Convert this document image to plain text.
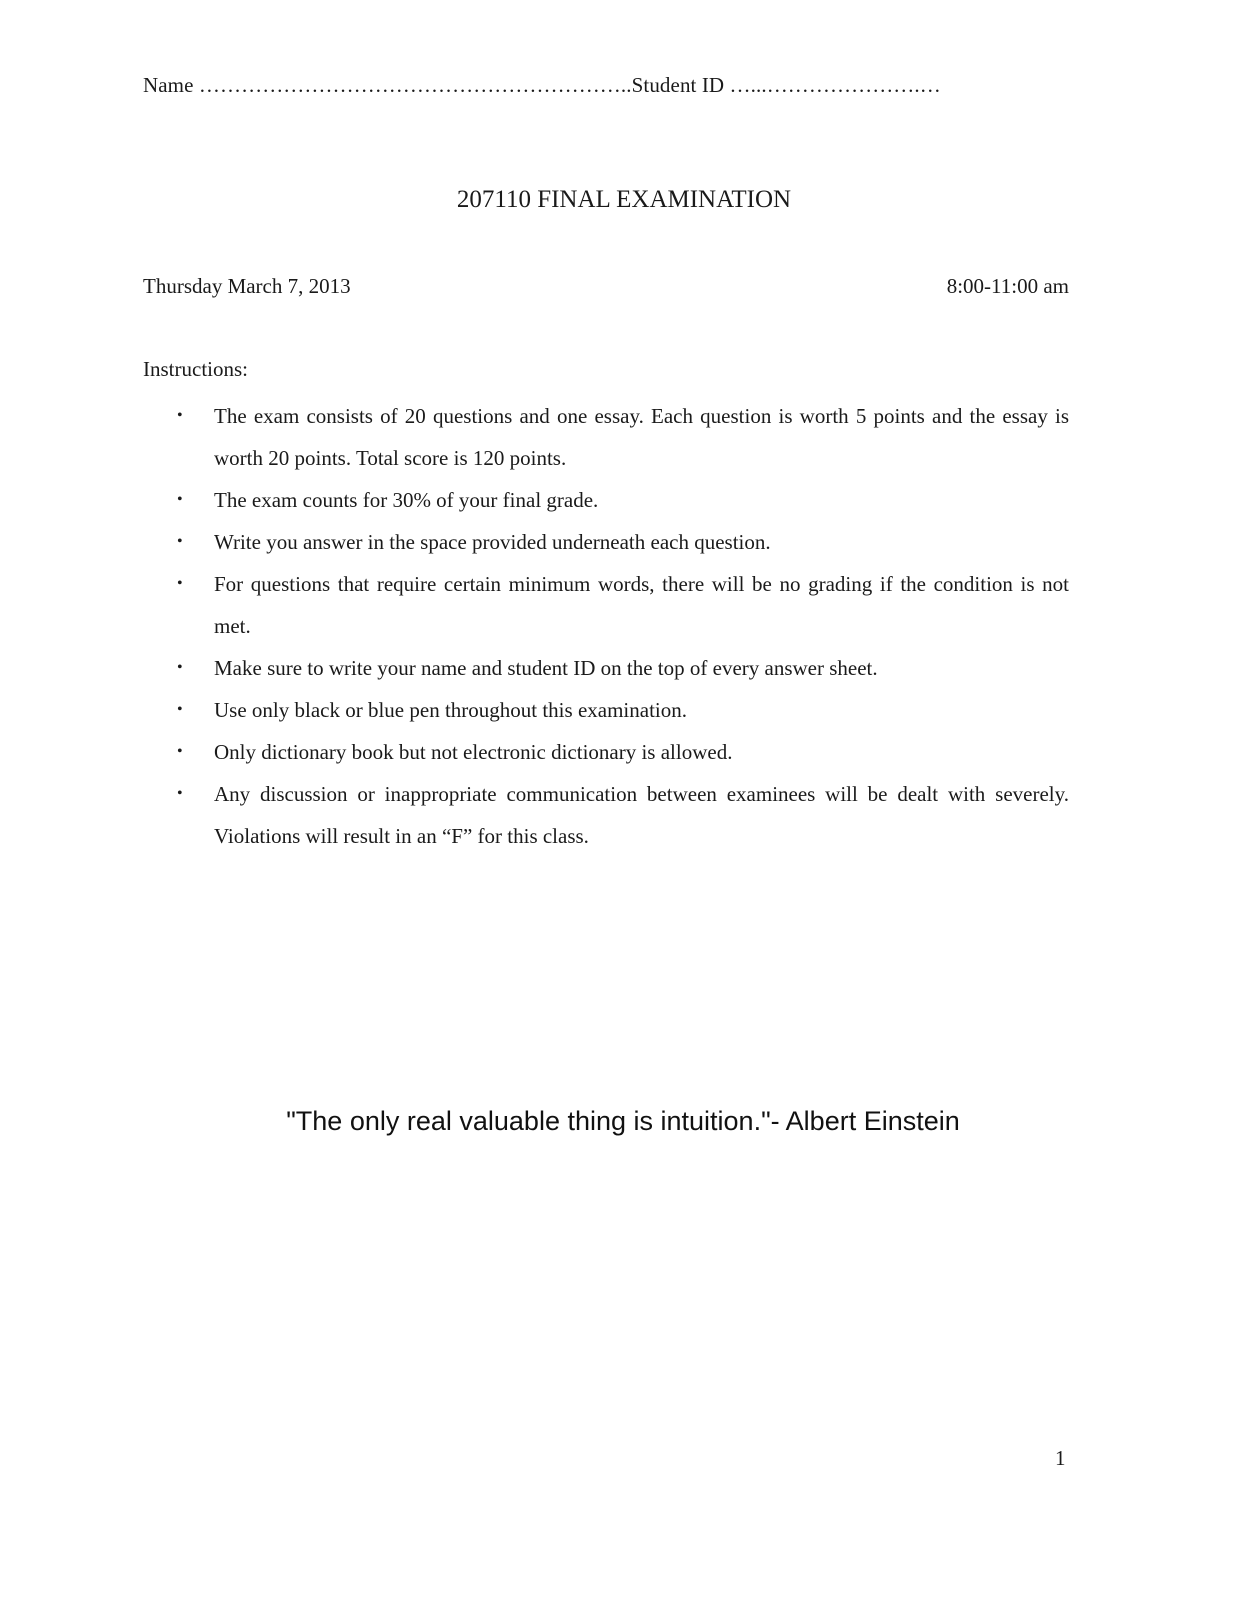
Name ……………………………………………………..Student ID …...………………….…
207110 FINAL EXAMINATION
Thursday March 7, 2013	8:00-11:00 am
Instructions:
• The exam consists of 20 questions and one essay. Each question is worth 5 points and the essay is worth 20 points. Total score is 120 points.
• The exam counts for 30% of your final grade.
• Write you answer in the space provided underneath each question.
• For questions that require certain minimum words, there will be no grading if the condition is not met.
• Make sure to write your name and student ID on the top of every answer sheet.
• Use only black or blue pen throughout this examination.
• Only dictionary book but not electronic dictionary is allowed.
• Any discussion or inappropriate communication between examinees will be dealt with severely. Violations will result in an “F” for this class.
"The only real valuable thing is intuition."- Albert Einstein
1
